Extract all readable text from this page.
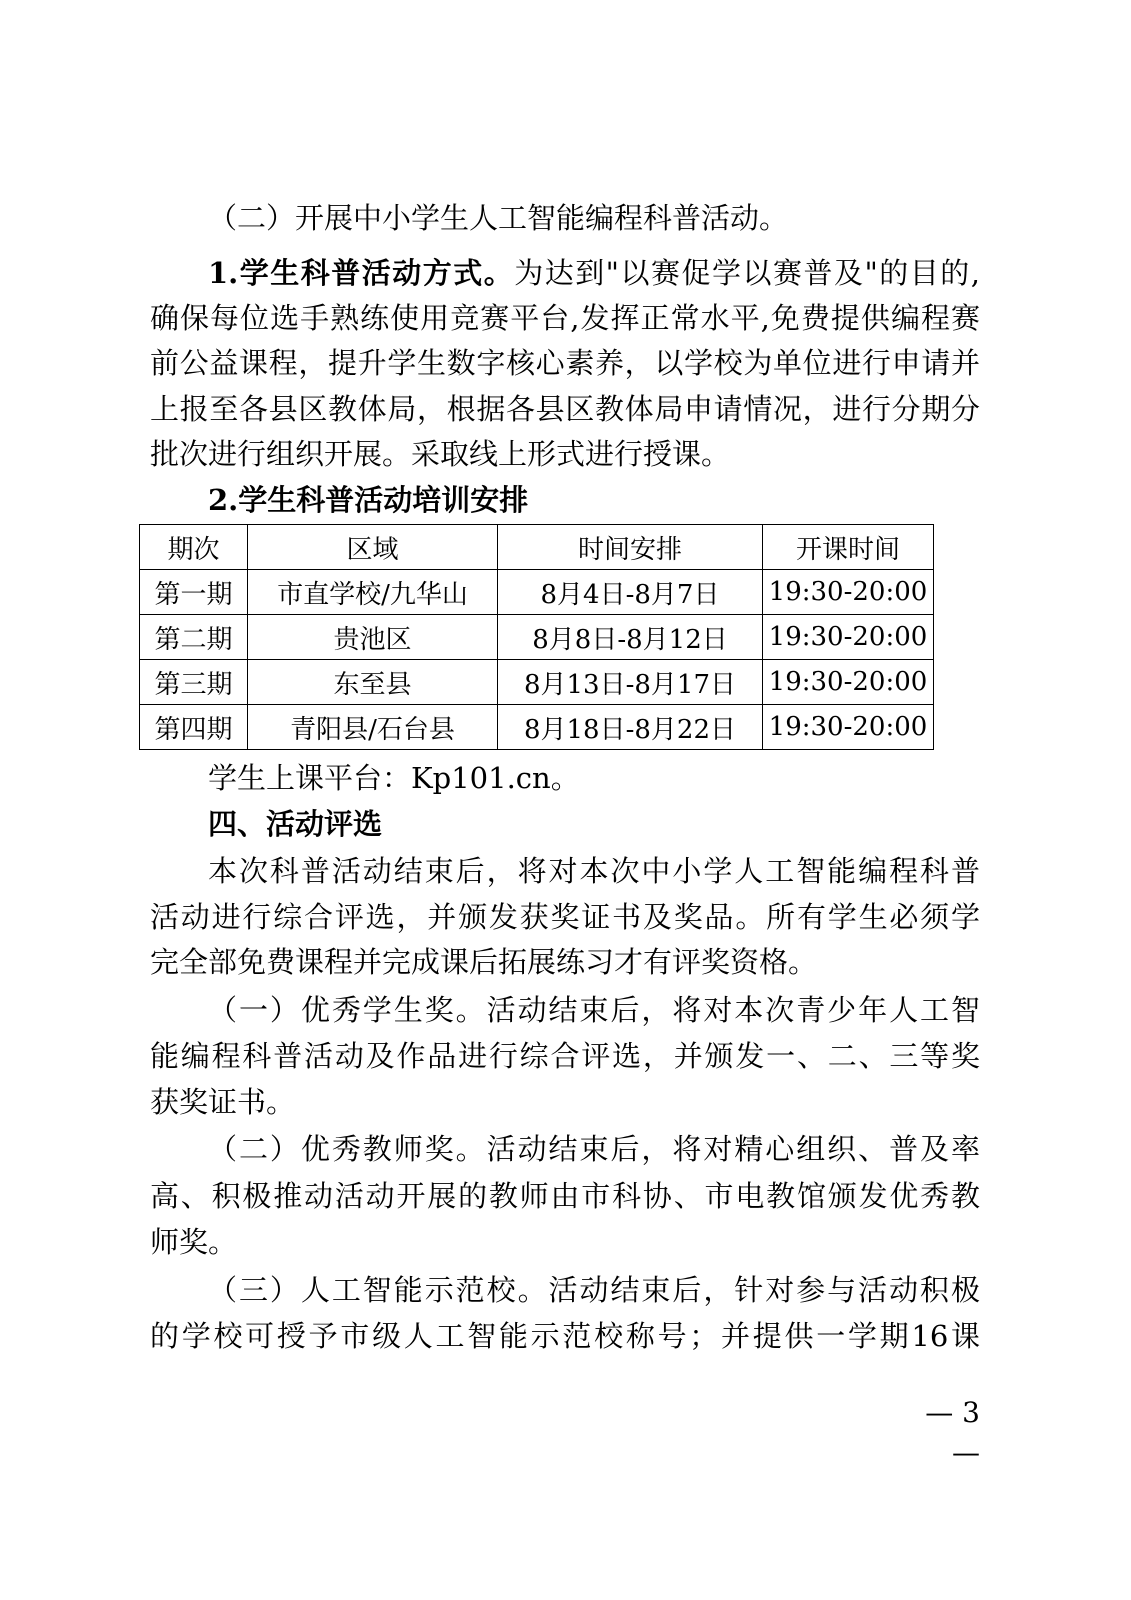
（二）开展中小学生人工智能编程科普活动。
1.学生科普活动方式。为达到"以赛促学以赛普及"的目的,
确保每位选手熟练使用竞赛平台,发挥正常水平,免费提供编程赛
前公益课程，提升学生数字核心素养，以学校为单位进行申请并
上报至各县区教体局，根据各县区教体局申请情况，进行分期分
批次进行组织开展。采取线上形式进行授课。
2.学生科普活动培训安排
期次	区域	时间安排	开课时间
第一期	市直学校/九华山	8月4日-8月7日	19:30-20:00
第二期	贵池区	8月8日-8月12日	19:30-20:00
第三期	东至县	8月13日-8月17日	19:30-20:00
第四期	青阳县/石台县	8月18日-8月22日	19:30-20:00
学生上课平台：Kp101.cn。
四、活动评选
本次科普活动结束后，将对本次中小学人工智能编程科普
活动进行综合评选，并颁发获奖证书及奖品。所有学生必须学
完全部免费课程并完成课后拓展练习才有评奖资格。
（一）优秀学生奖。活动结束后，将对本次青少年人工智
能编程科普活动及作品进行综合评选，并颁发一、二、三等奖
获奖证书。
（二）优秀教师奖。活动结束后，将对精心组织、普及率
高、积极推动活动开展的教师由市科协、市电教馆颁发优秀教
师奖。
（三）人工智能示范校。活动结束后，针对参与活动积极
的学校可授予市级人工智能示范校称号；并提供一学期16课
— 3 —
